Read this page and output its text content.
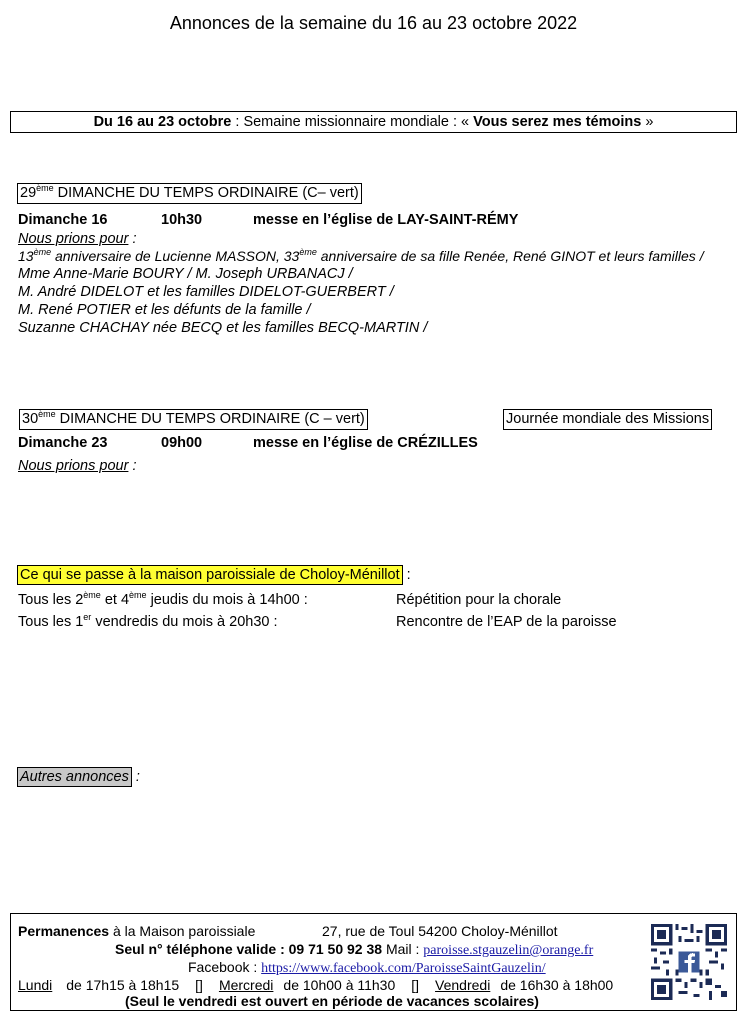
Annonces de la semaine du 16 au 23 octobre 2022
Du 16 au 23 octobre : Semaine missionnaire mondiale : « Vous serez mes témoins »
29ème DIMANCHE DU TEMPS ORDINAIRE (C– vert)
Dimanche 16	10h30	messe en l’église de LAY-SAINT-RÉMY
Nous prions pour :
13ème anniversaire de Lucienne MASSON, 33ème anniversaire de sa fille Renée, René GINOT et leurs familles /
Mme Anne-Marie BOURY / M. Joseph URBANACJ /
M. André DIDELOT et les familles DIDELOT-GUERBERT /
M. René POTIER et les défunts de la famille /
Suzanne CHACHAY née BECQ et les familles BECQ-MARTIN /
30ème DIMANCHE DU TEMPS ORDINAIRE (C – vert)	Journée mondiale des Missions
Dimanche 23	09h00	messe en l’église de CRÉZILLES
Nous prions pour :
Ce qui se passe à la maison paroissiale de Choloy-Ménillot :
Tous les 2ème et 4ème jeudis du mois à 14h00 :	Répétition pour la chorale
Tous les 1er vendredis du mois à 20h30 :	Rencontre de l’EAP de la paroisse
Autres annonces :
Permanences à la Maison paroissiale	27, rue de Toul 54200 Choloy-Ménillot
Seul n° téléphone valide : 09 71 50 92 38 Mail : paroisse.stgauzelin@orange.fr
Facebook : https://www.facebook.com/ParoisseSaintGauzelin/
Lundi de 17h15 à 18h15 [] Mercredi de 10h00 à 11h30 [] Vendredi de 16h30 à 18h00
(Seul le vendredi est ouvert en période de vacances scolaires)
